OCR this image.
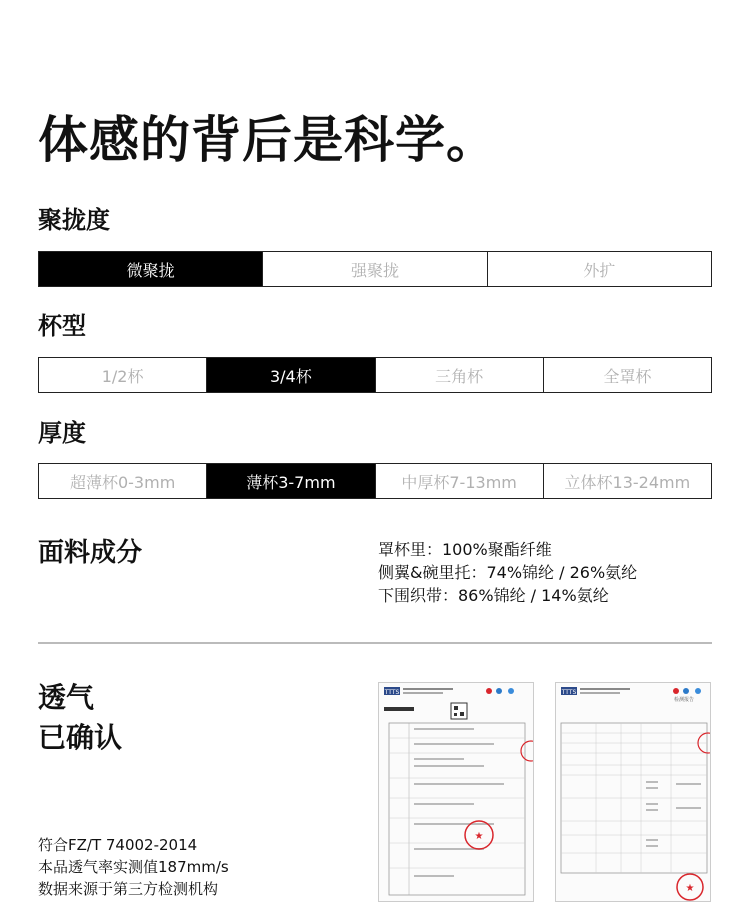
体感的背后是科学。
聚拢度
微聚拢	强聚拢	外扩
杯型
1/2杯	3/4杯	三角杯	全罩杯
厚度
超薄杯0-3mm	薄杯3-7mm	中厚杯7-13mm	立体杯13-24mm
面料成分	罩杯里：100%聚酯纤维
侧翼&碗里托：74%锦纶 / 26%氨纶
下围织带：86%锦纶 / 14%氨纶
透气
已确认
符合FZ/T 74002-2014
本品透气率实测值187mm/s
数据来源于第三方检测机构
TTTS
★
TTTS
检测报告
★
